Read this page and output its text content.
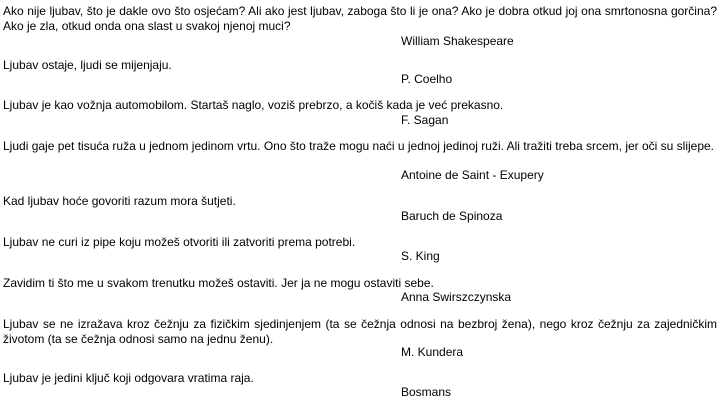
Ako nije ljubav, što je dakle ovo što osjećam? Ali ako jest ljubav, zaboga što li je ona? Ako je dobra otkud joj ona smrtonosna gorčina? Ako je zla, otkud onda ona slast u svakoj njenoj muci?

William Shakespeare

Ljubav ostaje, ljudi se mijenjaju.

P. Coelho

Ljubav je kao vožnja automobilom. Startaš naglo, voziš prebrzo, a kočiš kada je već prekasno.

F. Sagan

Ljudi gaje pet tisuća ruža u jednom jedinom vrtu. Ono što traže mogu naći u jednoj jedinoj ruži. Ali tražiti treba srcem, jer oči su slijepe.

Antoine de Saint - Exupery

Kad ljubav hoće govoriti razum mora šutjeti.

Baruch de Spinoza

Ljubav ne curi iz pipe koju možeš otvoriti ili zatvoriti prema potrebi.

S. King

Zavidim ti što me u svakom trenutku možeš ostaviti. Jer ja ne mogu ostaviti sebe.

Anna Swirszczynska

Ljubav se ne izražava kroz čežnju za fizičkim sjedinjenjem (ta se čežnja odnosi na bezbroj žena), nego kroz čežnju za zajedničkim životom (ta se čežnja odnosi samo na jednu ženu).

M. Kundera

Ljubav je jedini ključ koji odgovara vratima raja.

Bosmans
